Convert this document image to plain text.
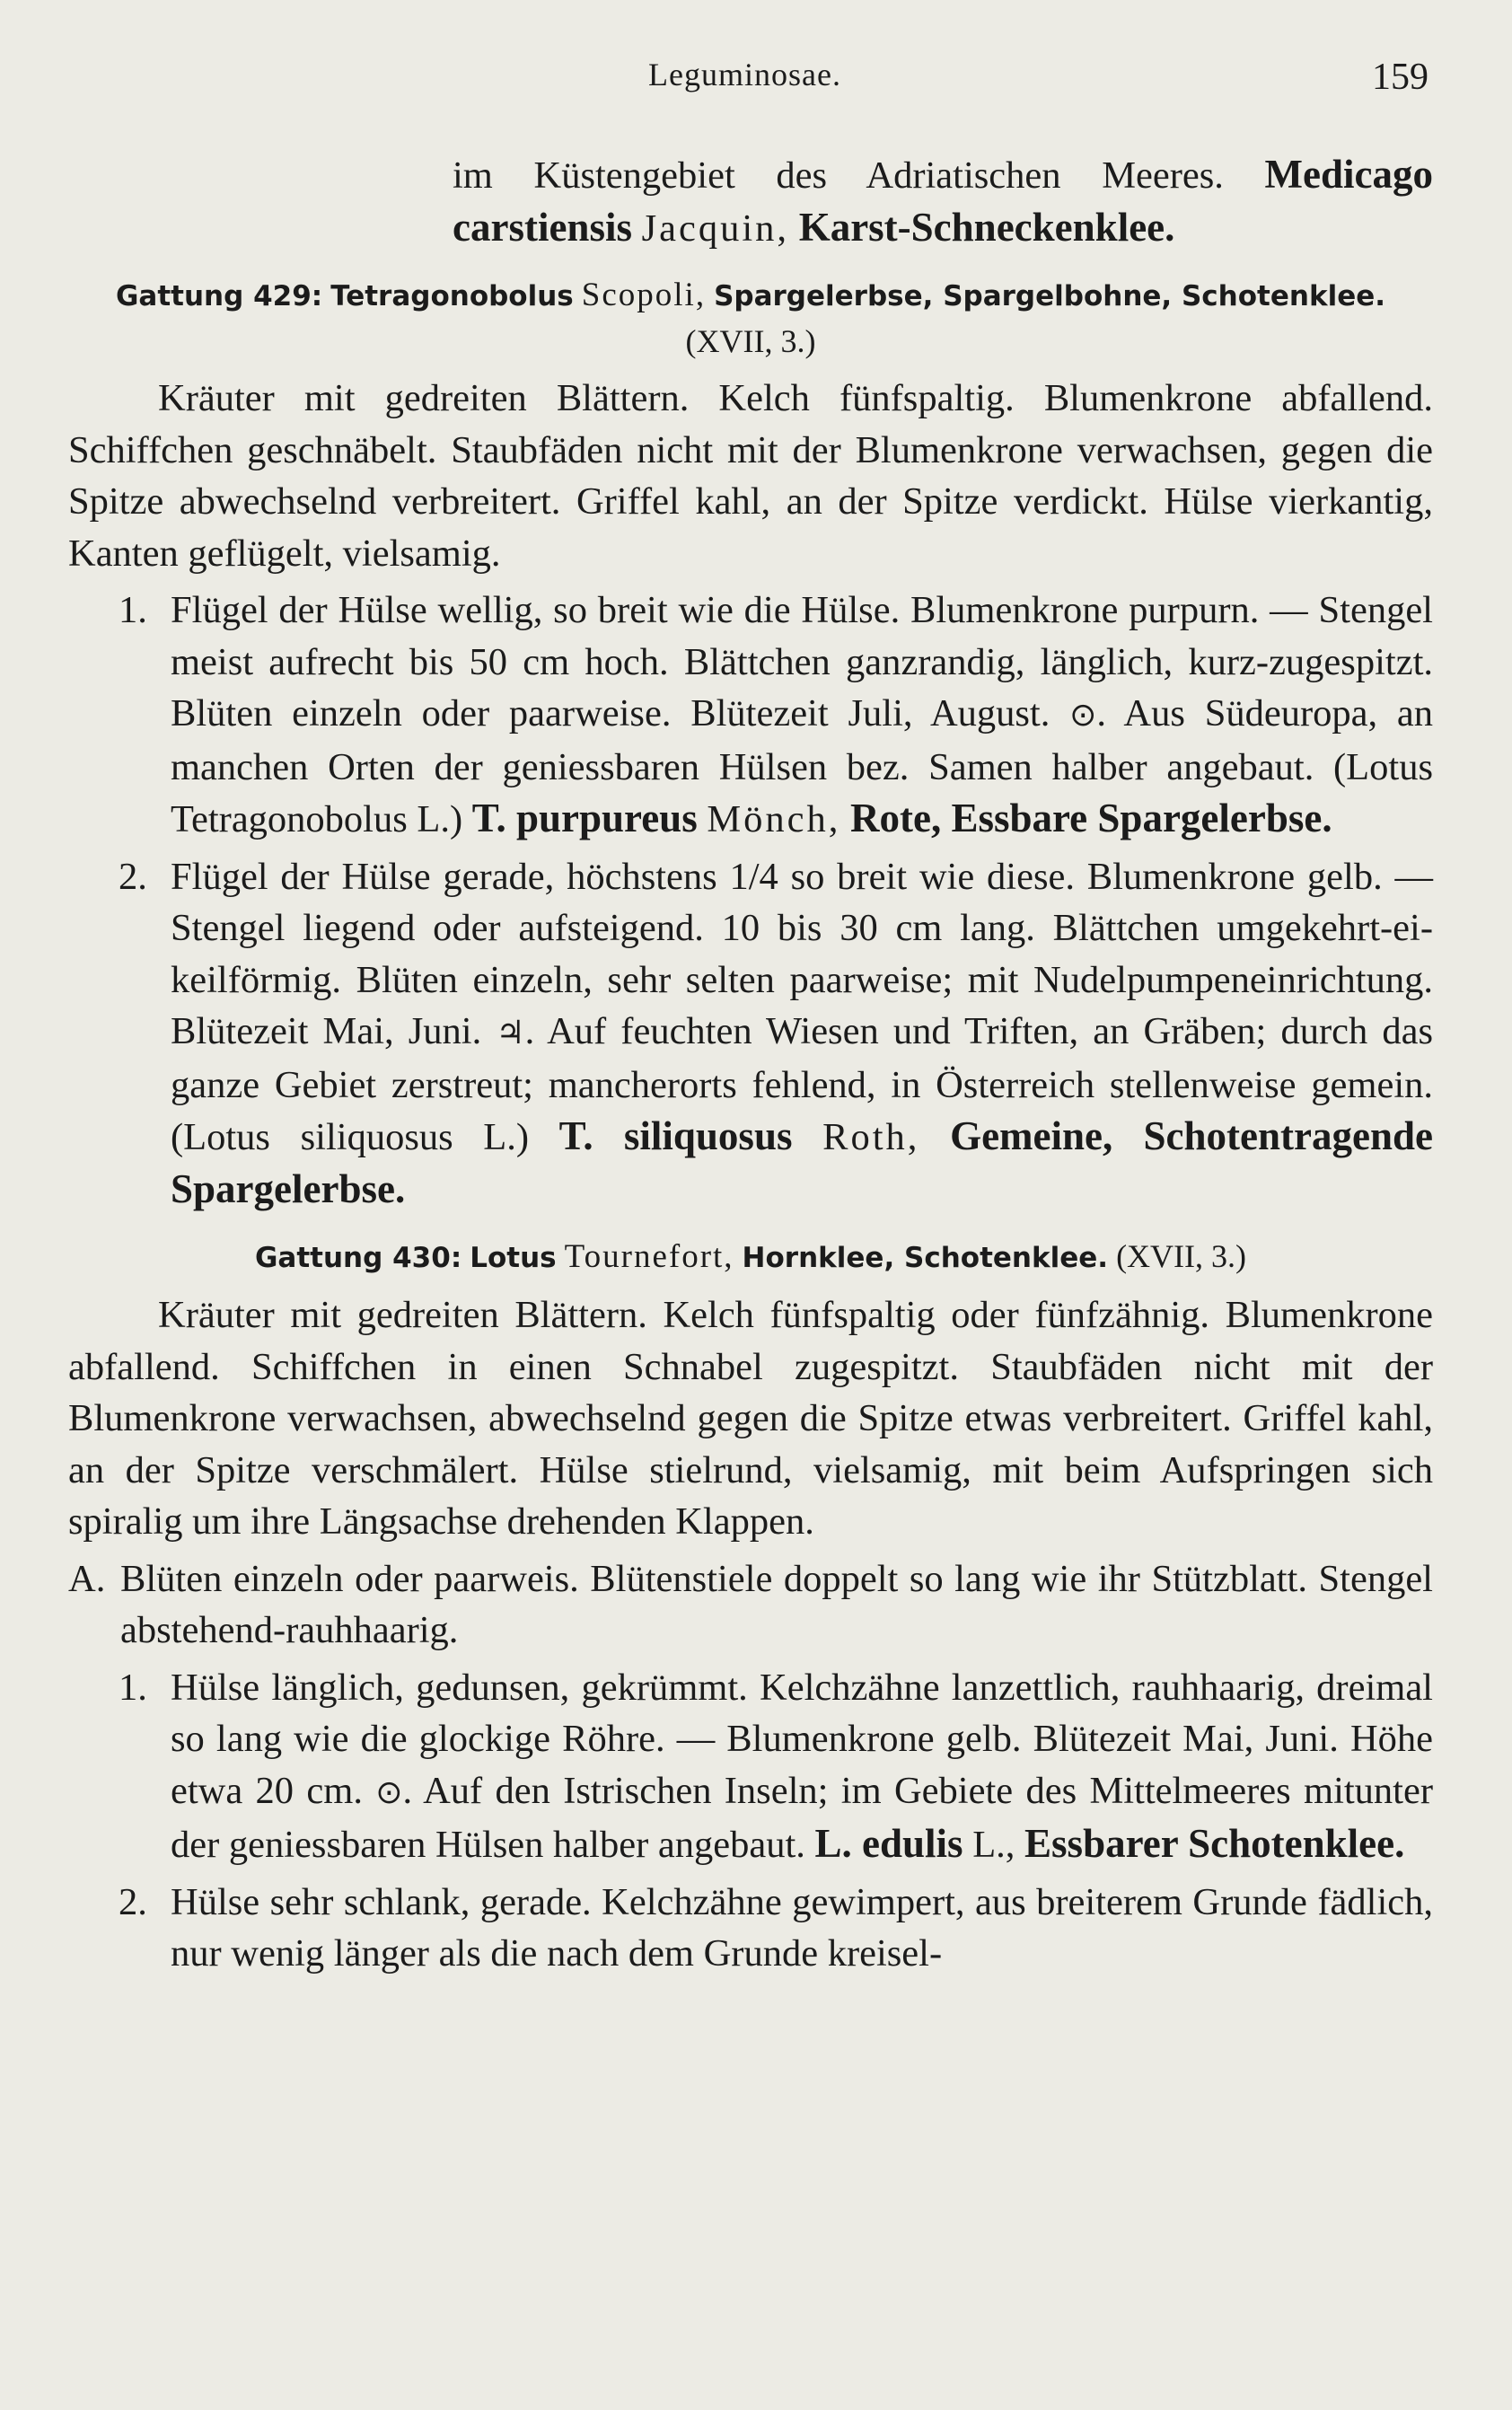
Leguminosae.	159

im Küstengebiet des Adriatischen Meeres. Medicago carstiensis Jacquin, Karst-Schneckenklee.

Gattung 429: Tetragonobolus Scopoli, Spargelerbse, Spargelbohne, Schotenklee.
(XVII, 3.)

Kräuter mit gedreiten Blättern. Kelch fünfspaltig. Blumenkrone abfallend. Schiffchen geschnäbelt. Staubfäden nicht mit der Blumenkrone verwachsen, gegen die Spitze abwechselnd verbreitert. Griffel kahl, an der Spitze verdickt. Hülse vierkantig, Kanten geflügelt, vielsamig.

1. Flügel der Hülse wellig, so breit wie die Hülse. Blumenkrone purpurn. — Stengel meist aufrecht bis 50 cm hoch. Blättchen ganzrandig, länglich, kurz-zugespitzt. Blüten einzeln oder paarweise. Blütezeit Juli, August. ⊙. Aus Südeuropa, an manchen Orten der geniessbaren Hülsen bez. Samen halber angebaut. (Lotus Tetragonobolus L.) T. purpureus Mönch, Rote, Essbare Spargelerbse.
2. Flügel der Hülse gerade, höchstens 1/4 so breit wie diese. Blumenkrone gelb. — Stengel liegend oder aufsteigend. 10 bis 30 cm lang. Blättchen umgekehrt-ei-keilförmig. Blüten einzeln, sehr selten paarweise; mit Nudelpumpeneinrichtung. Blütezeit Mai, Juni. ♃. Auf feuchten Wiesen und Triften, an Gräben; durch das ganze Gebiet zerstreut; mancherorts fehlend, in Österreich stellenweise gemein. (Lotus siliquosus L.) T. siliquosus Roth, Gemeine, Schotentragende Spargelerbse.
Gattung 430: Lotus Tournefort, Hornklee, Schotenklee. (XVII, 3.)

Kräuter mit gedreiten Blättern. Kelch fünfspaltig oder fünfzähnig. Blumenkrone abfallend. Schiffchen in einen Schnabel zugespitzt. Staubfäden nicht mit der Blumenkrone verwachsen, abwechselnd gegen die Spitze etwas verbreitert. Griffel kahl, an der Spitze verschmälert. Hülse stielrund, vielsamig, mit beim Aufspringen sich spiralig um ihre Längsachse drehenden Klappen.

A. Blüten einzeln oder paarweis. Blütenstiele doppelt so lang wie ihr Stützblatt. Stengel abstehend-rauhhaarig.
1. Hülse länglich, gedunsen, gekrümmt. Kelchzähne lanzettlich, rauhhaarig, dreimal so lang wie die glockige Röhre. — Blumenkrone gelb. Blütezeit Mai, Juni. Höhe etwa 20 cm. ⊙. Auf den Istrischen Inseln; im Gebiete des Mittelmeeres mitunter der geniessbaren Hülsen halber angebaut. L. edulis L., Essbarer Schotenklee.
2. Hülse sehr schlank, gerade. Kelchzähne gewimpert, aus breiterem Grunde fädlich, nur wenig länger als die nach dem Grunde kreisel-
